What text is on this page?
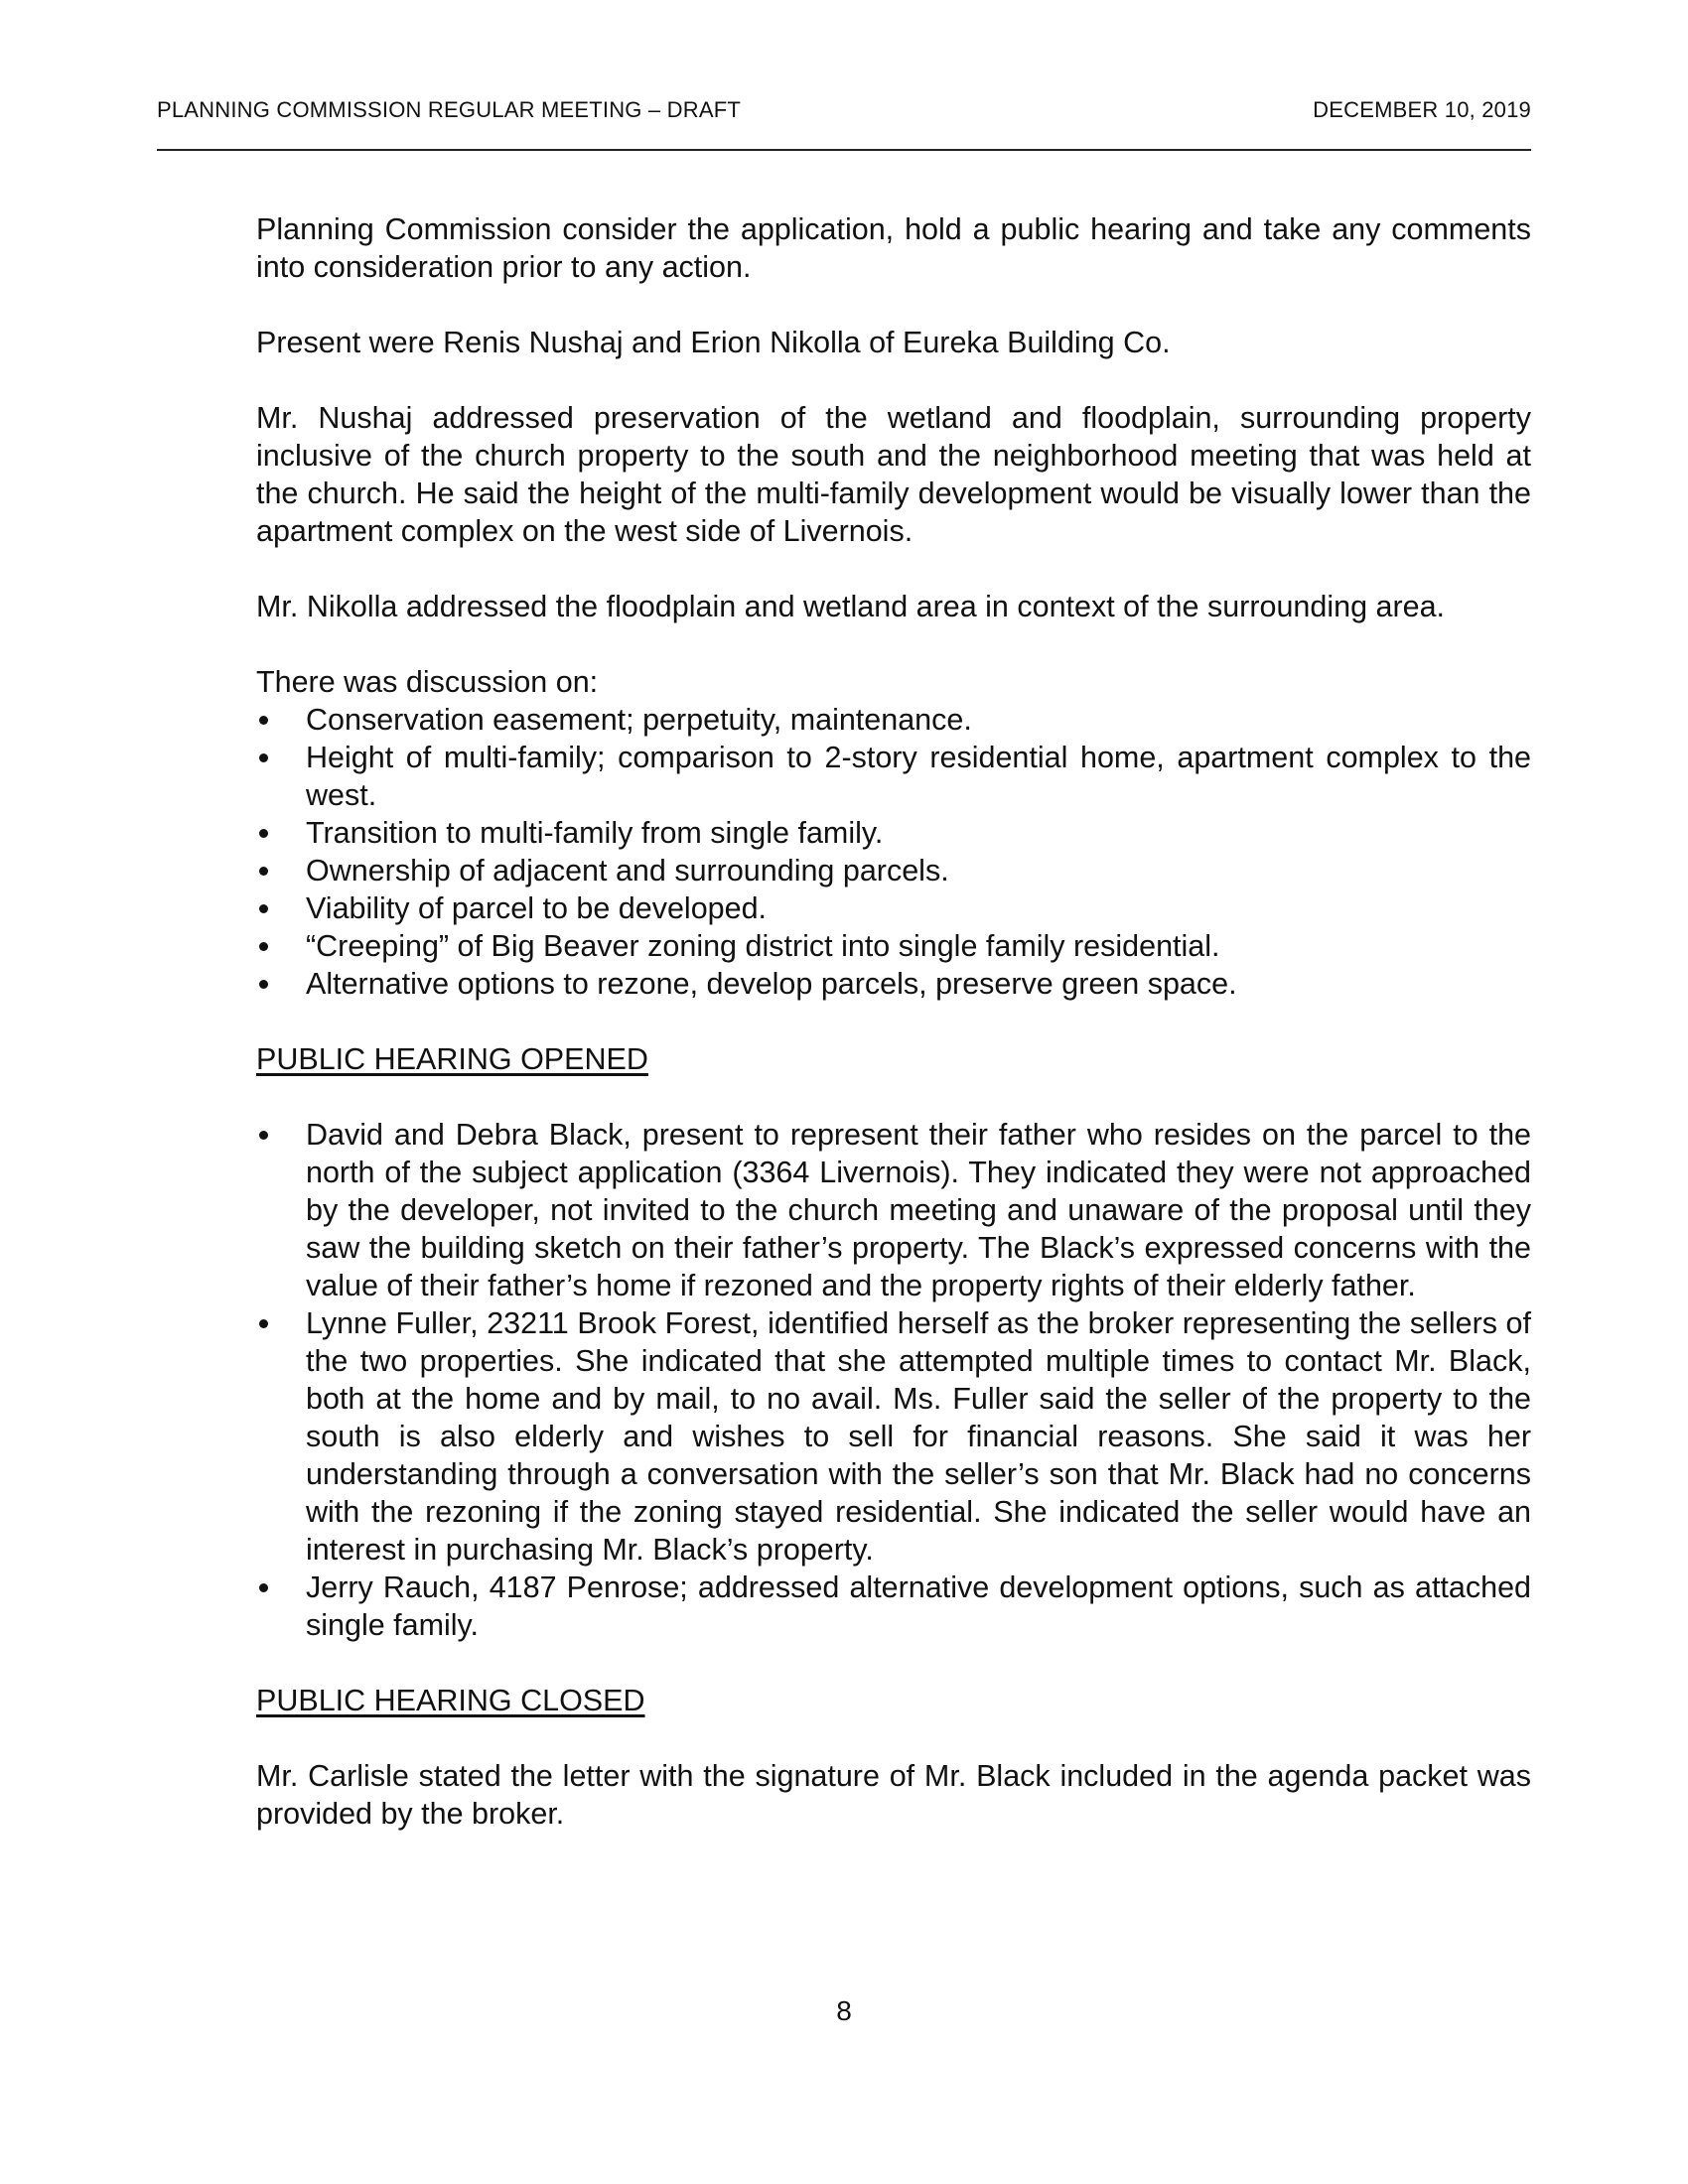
PLANNING COMMISSION REGULAR MEETING – DRAFT	DECEMBER 10, 2019

Planning Commission consider the application, hold a public hearing and take any comments into consideration prior to any action.

Present were Renis Nushaj and Erion Nikolla of Eureka Building Co.

Mr. Nushaj addressed preservation of the wetland and floodplain, surrounding property inclusive of the church property to the south and the neighborhood meeting that was held at the church. He said the height of the multi-family development would be visually lower than the apartment complex on the west side of Livernois.

Mr. Nikolla addressed the floodplain and wetland area in context of the surrounding area.

There was discussion on:

Conservation easement; perpetuity, maintenance.
Height of multi-family; comparison to 2-story residential home, apartment complex to the west.
Transition to multi-family from single family.
Ownership of adjacent and surrounding parcels.
Viability of parcel to be developed.
“Creeping” of Big Beaver zoning district into single family residential.
Alternative options to rezone, develop parcels, preserve green space.
PUBLIC HEARING OPENED
David and Debra Black, present to represent their father who resides on the parcel to the north of the subject application (3364 Livernois). They indicated they were not approached by the developer, not invited to the church meeting and unaware of the proposal until they saw the building sketch on their father’s property. The Black’s expressed concerns with the value of their father’s home if rezoned and the property rights of their elderly father.
Lynne Fuller, 23211 Brook Forest, identified herself as the broker representing the sellers of the two properties. She indicated that she attempted multiple times to contact Mr. Black, both at the home and by mail, to no avail. Ms. Fuller said the seller of the property to the south is also elderly and wishes to sell for financial reasons. She said it was her understanding through a conversation with the seller’s son that Mr. Black had no concerns with the rezoning if the zoning stayed residential. She indicated the seller would have an interest in purchasing Mr. Black’s property.
Jerry Rauch, 4187 Penrose; addressed alternative development options, such as attached single family.
PUBLIC HEARING CLOSED

Mr. Carlisle stated the letter with the signature of Mr. Black included in the agenda packet was provided by the broker.

8
